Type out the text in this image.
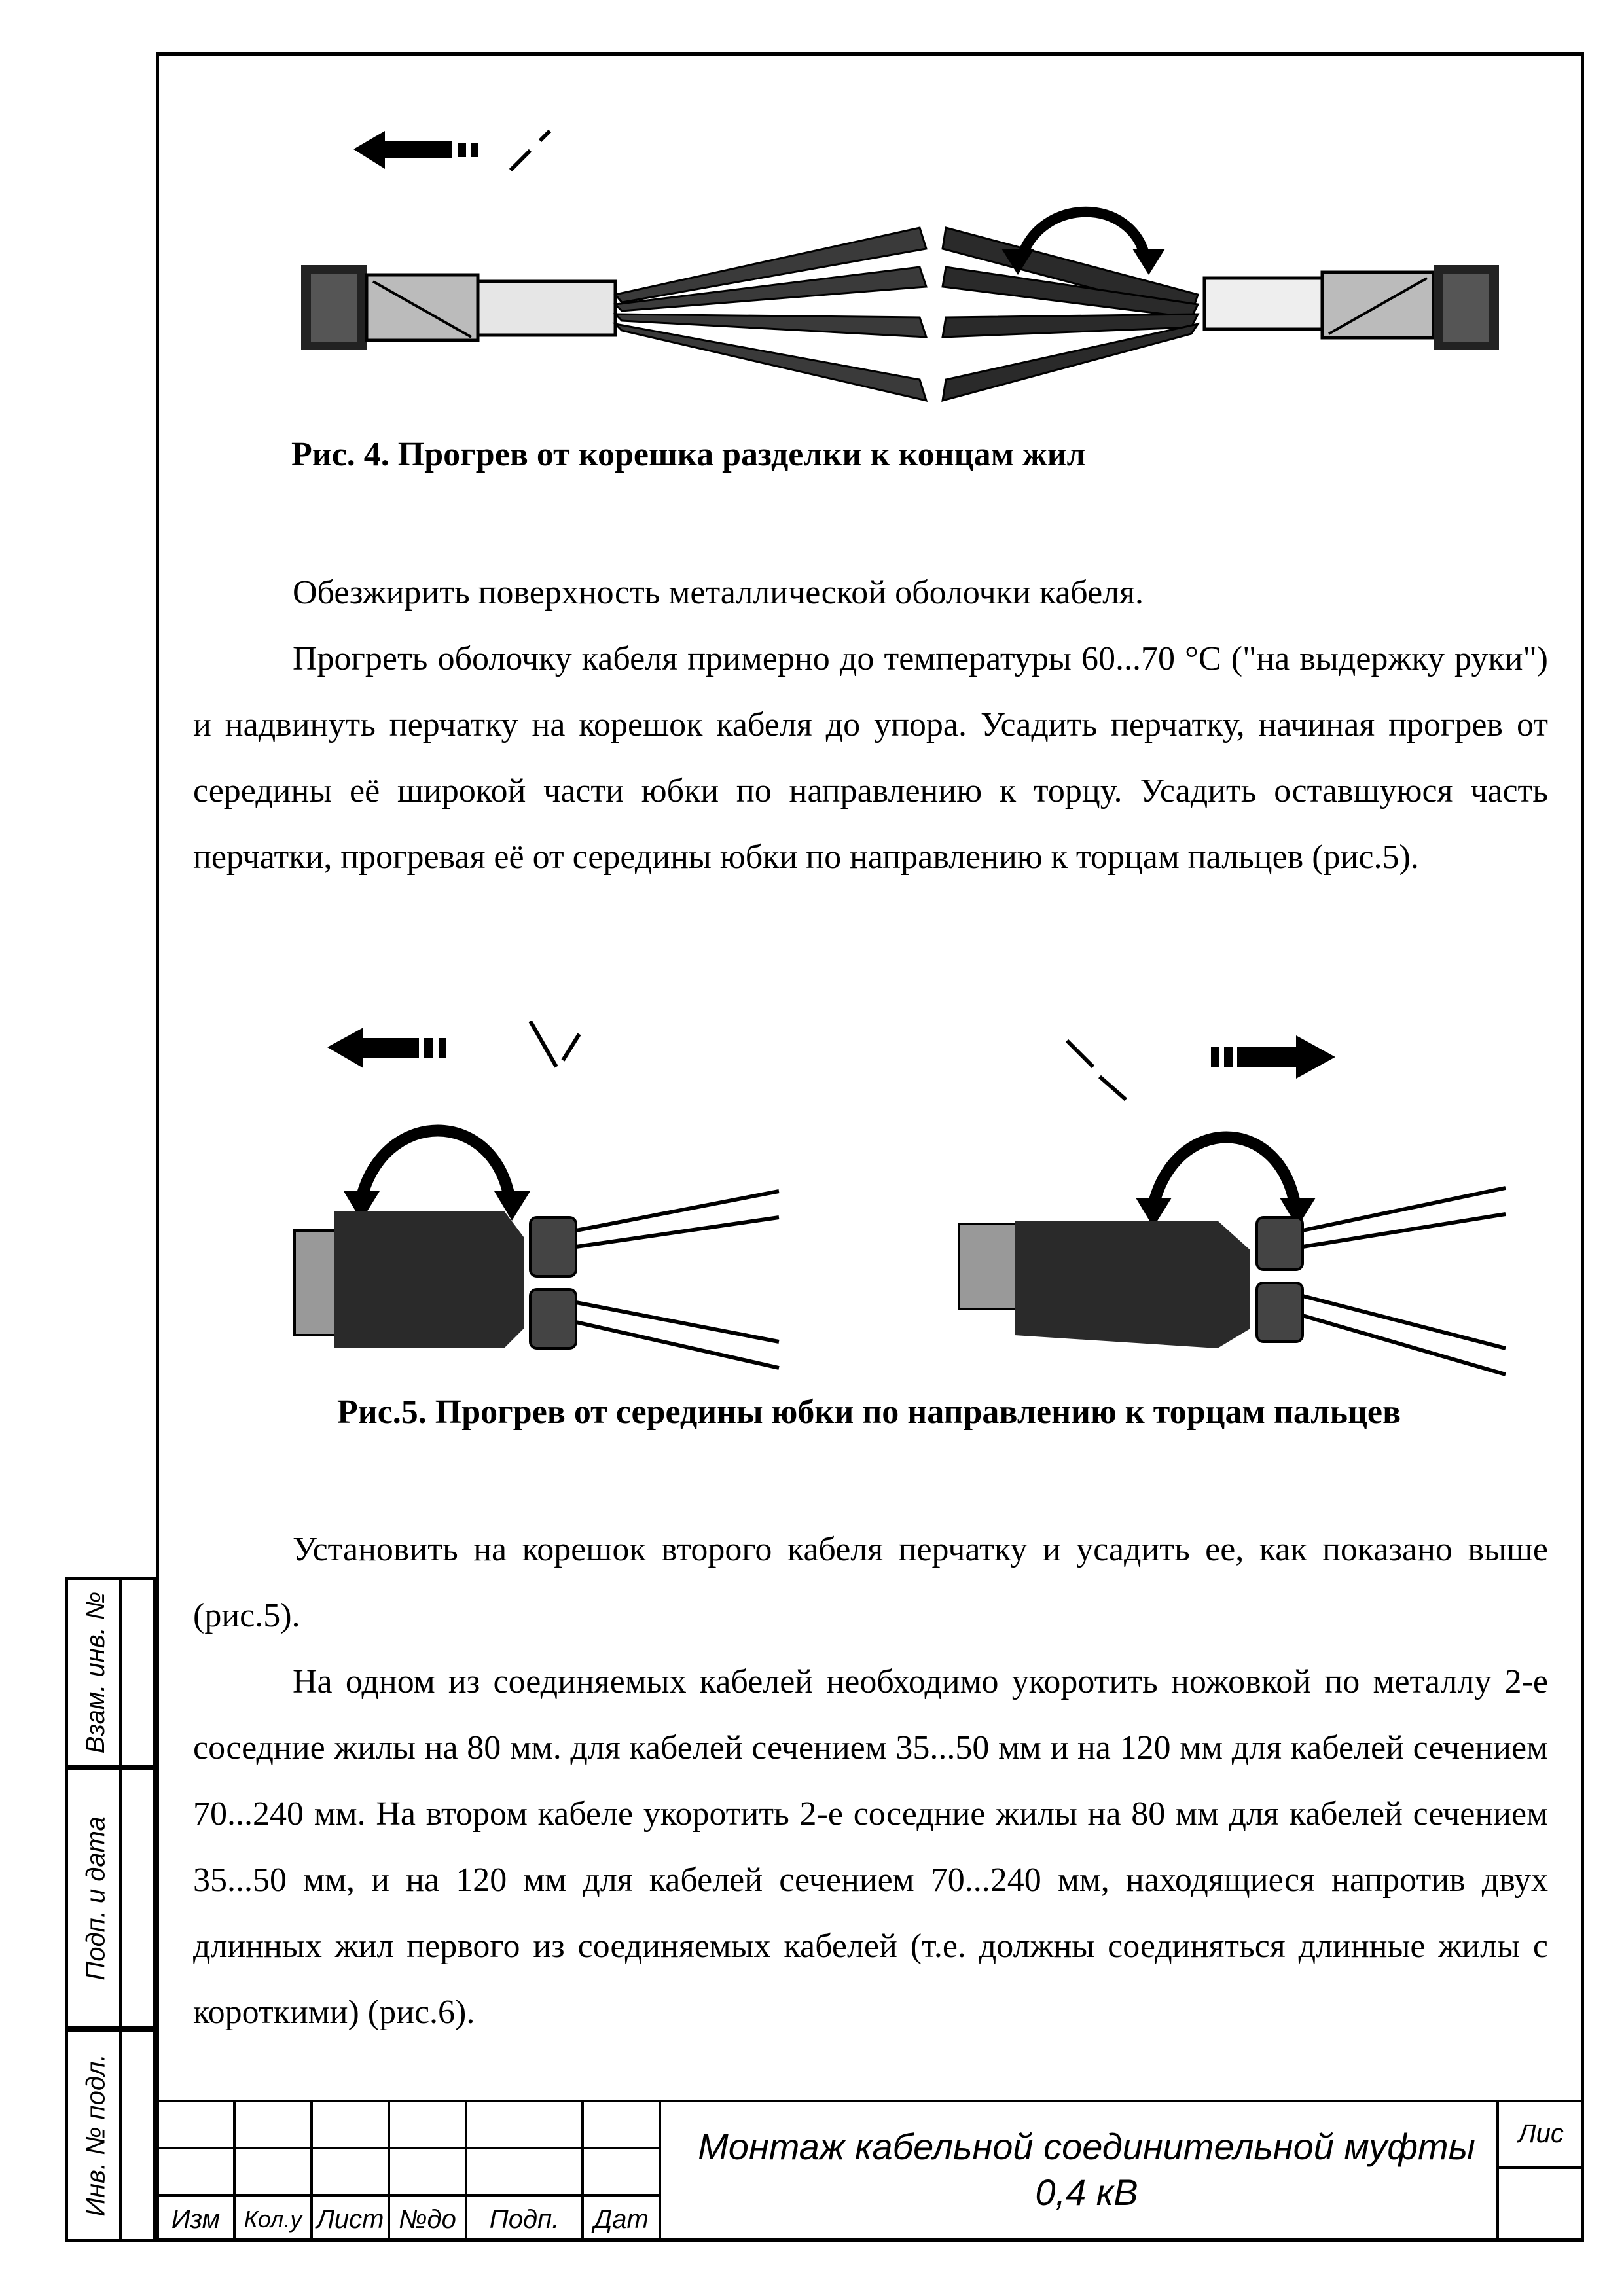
Рис. 4. Прогрев от корешка разделки к концам жил
Обезжирить поверхность металлической оболочки кабеля.
Прогреть оболочку кабеля примерно до температуры 60...70 °С ("на выдержку руки") и надвинуть перчатку на корешок кабеля до упора. Усадить перчатку, начиная прогрев от середины её широкой части юбки по направлению к торцу. Усадить оставшуюся часть перчатки, прогревая её от середины юбки по направлению к торцам пальцев (рис.5).
Рис.5. Прогрев от середины юбки по направлению к торцам пальцев
Установить на корешок второго кабеля перчатку и усадить ее, как показано выше (рис.5).
На одном из соединяемых кабелей необходимо укоротить ножовкой по металлу 2-е соседние жилы на 80 мм. для кабелей сечением 35...50 мм и на 120 мм для кабелей сечением 70...240 мм. На втором кабеле укоротить 2-е соседние жилы на 80 мм для кабелей сечением 35...50 мм, и на 120 мм для кабелей сечением 70...240 мм, находящиеся напротив двух длинных жил первого из соединяемых кабелей (т.е. должны соединяться длинные жилы с короткими) (рис.6).
Взам. инв. №
Подп. и дата
Инв. № подл.
Изм	Кол.у Лист №до	Подп.	Дат
Монтаж кабельной соединительной муфты
0,4 кВ
Лис
